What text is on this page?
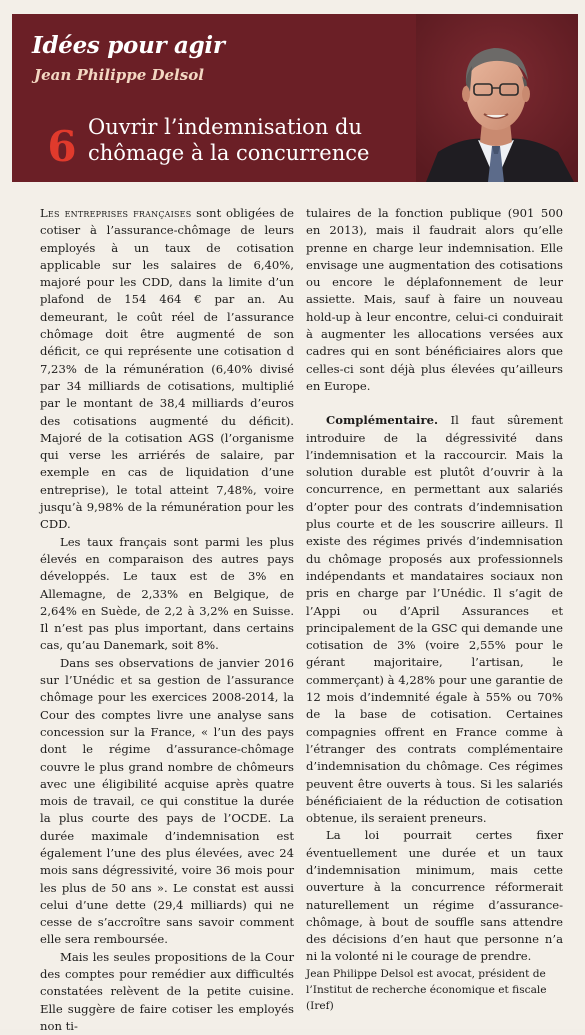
Idées pour agir
Jean Philippe Delsol
6 Ouvrir l’indemnisation du
chômage à la concurrence

Les entreprises françaises sont obligées de cotiser à l’assurance-chômage de leurs employés à un taux de cotisation applicable sur les salaires de 6,40%, majoré pour les CDD, dans la limite d’un plafond de 154 464 € par an. Au demeurant, le coût réel de l’assurance chômage doit être augmenté de son déficit, ce qui représente une cotisation d 7,23% de la rémunération (6,40% divisé par 34 milliards de cotisations, multiplié par le montant de 38,4 milliards d’euros des cotisations augmenté du déficit). Majoré de la cotisation AGS (l’organisme qui verse les arriérés de salaire, par exemple en cas de liquidation d’une entreprise), le total atteint 7,48%, voire jusqu’à 9,98% de la rémunération pour les CDD.

Les taux français sont parmi les plus élevés en comparaison des autres pays développés. Le taux est de 3% en Allemagne, de 2,33% en Belgique, de 2,64% en Suède, de 2,2 à 3,2% en Suisse. Il n’est pas plus important, dans certains cas, qu’au Danemark, soit 8%.

Dans ses observations de janvier 2016 sur l’Unédic et sa gestion de l’assurance chômage pour les exercices 2008-2014, la Cour des comptes livre une analyse sans concession sur la France, « l’un des pays dont le régime d’assurance-chômage couvre le plus grand nombre de chômeurs avec une éligibilité acquise après quatre mois de travail, ce qui constitue la durée la plus courte des pays de l’OCDE. La durée maximale d’indemnisation est également l’une des plus élevées, avec 24 mois sans dégressivité, voire 36 mois pour les plus de 50 ans ». Le constat est aussi celui d’une dette (29,4 milliards) qui ne cesse de s’accroître sans savoir comment elle sera remboursée.

Mais les seules propositions de la Cour des comptes pour remédier aux difficultés constatées relèvent de la petite cuisine. Elle suggère de faire cotiser les employés non ti-

tulaires de la fonction publique (901 500 en 2013), mais il faudrait alors qu’elle prenne en charge leur indemnisation. Elle envisage une augmentation des cotisations ou encore le déplafonnement de leur assiette. Mais, sauf à faire un nouveau hold-up à leur encontre, celui-ci conduirait à augmenter les allocations versées aux cadres qui en sont bénéficiaires alors que celles-ci sont déjà plus élevées qu’ailleurs en Europe.

Complémentaire. Il faut sûrement introduire de la dégressivité dans l’indemnisation et la raccourcir. Mais la solution durable est plutôt d’ouvrir à la concurrence, en permettant aux salariés d’opter pour des contrats d’indemnisation plus courte et de les souscrire ailleurs. Il existe des régimes privés d’indemnisation du chômage proposés aux professionnels indépendants et mandataires sociaux non pris en charge par l’Unédic. Il s’agit de l’Appi ou d’April Assurances et principalement de la GSC qui demande une cotisation de 3% (voire 2,55% pour le gérant majoritaire, l’artisan, le commerçant) à 4,28% pour une garantie de 12 mois d’indemnité égale à 55% ou 70% de la base de cotisation. Certaines compagnies offrent en France comme à l’étranger des contrats complémentaire d’indemnisation du chômage. Ces régimes peuvent être ouverts à tous. Si les salariés bénéficiaient de la réduction de cotisation obtenue, ils seraient preneurs.

La loi pourrait certes fixer éventuellement une durée et un taux d’indemnisation minimum, mais cette ouverture à la concurrence réformerait naturellement un régime d’assurance-chômage, à bout de souffle sans attendre des décisions d’en haut que personne n’a ni la volonté ni le courage de prendre.

Jean Philippe Delsol est avocat, président de l’Institut de recherche économique et fiscale (Iref)
